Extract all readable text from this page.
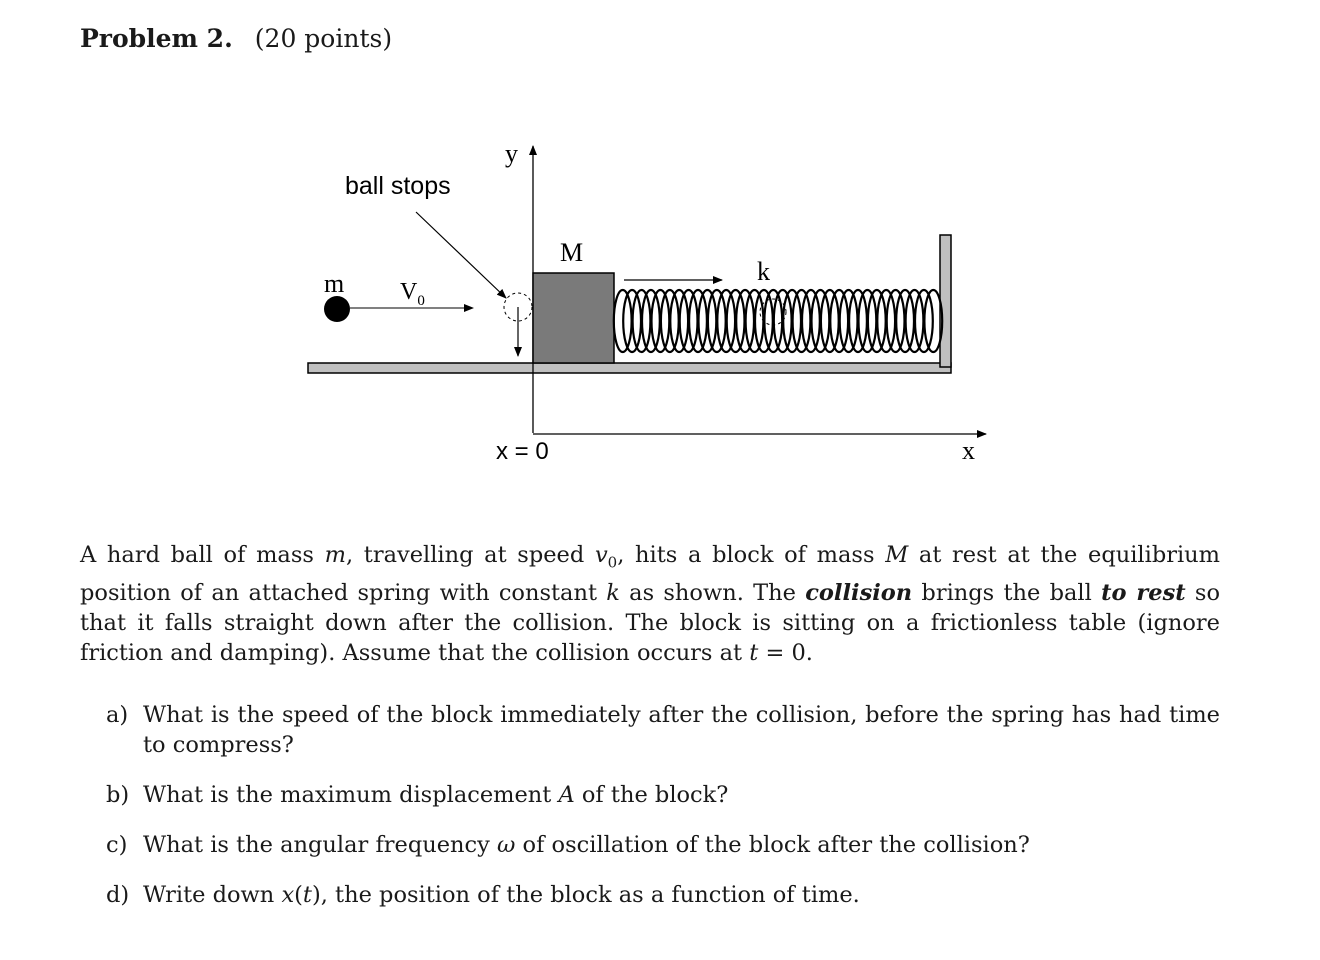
Problem 2. (20 points)
y
ball stops
M
m $V_0$
k
x = 0	x
A hard ball of mass m, travelling at speed $v_0$, hits a block of mass M at rest at the equilibrium position of an attached spring with constant k as shown. The collision brings the ball to rest so that it falls straight down after the collision. The block is sitting on a frictionless table (ignore friction and damping). Assume that the collision occurs at t = 0.
a) What is the speed of the block immediately after the collision, before the spring has had time to compress?
b) What is the maximum displacement A of the block?
c) What is the angular frequency ω of oscillation of the block after the collision?
d) Write down x(t), the position of the block as a function of time.
